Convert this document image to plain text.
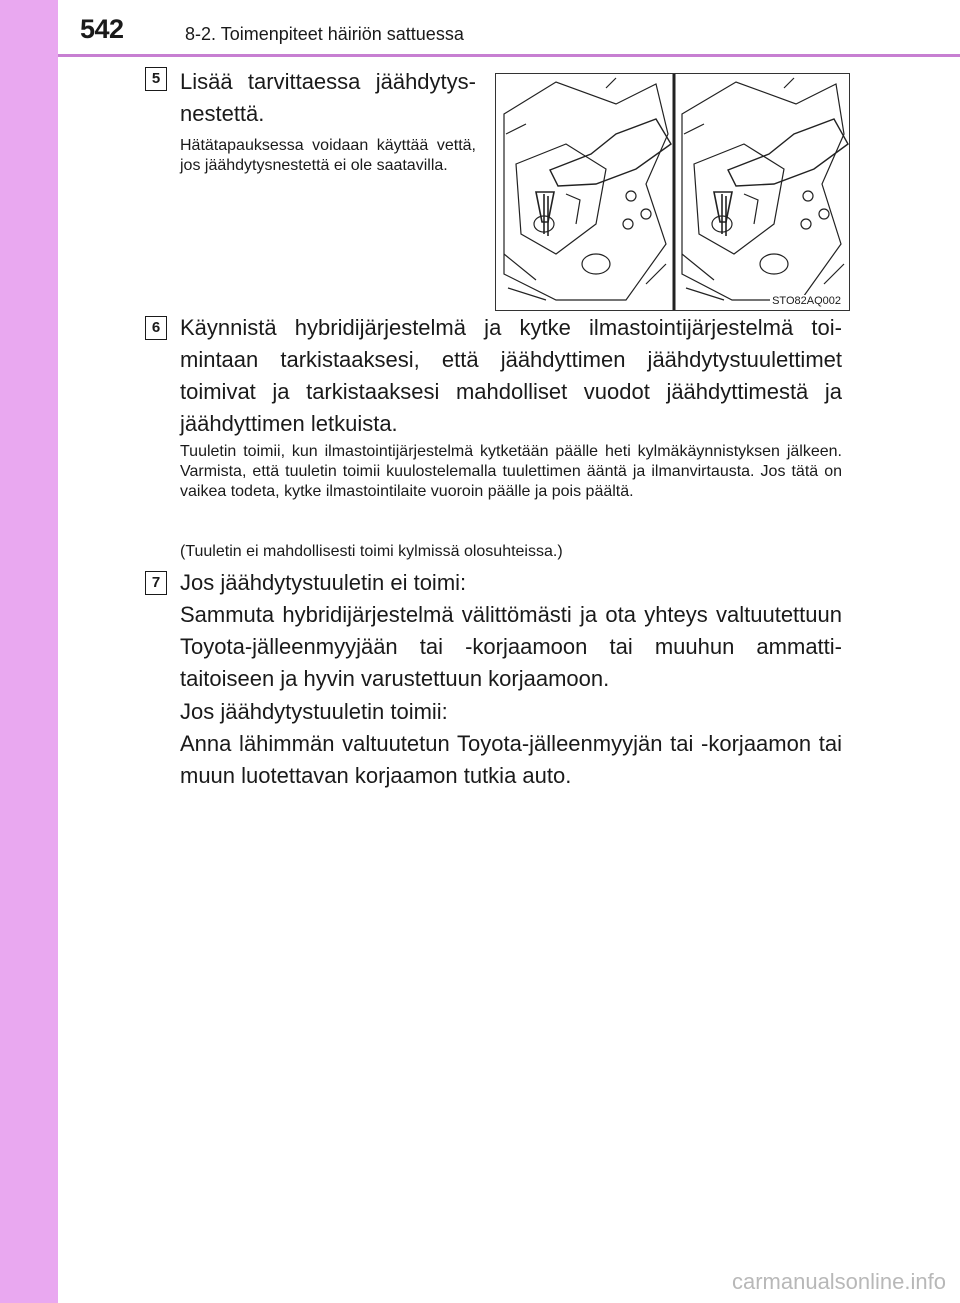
542	8-2. Toimenpiteet häiriön sattuessa
5 Lisää tarvittaessa jäähdytysnestettä.
Hätätapauksessa voidaan käyttää vettä, jos jäähdytysnestettä ei ole saatavilla.
STO82AQ002
6 Käynnistä hybridijärjestelmä ja kytke ilmastointijärjestelmä toimintaan tarkistaaksesi, että jäähdyttimen jäähdytystuulettimet toimivat ja tarkistaaksesi mahdolliset vuodot jäähdyttimestä ja jäähdyttimen letkuista.
Tuuletin toimii, kun ilmastointijärjestelmä kytketään päälle heti kylmäkäynnistyksen jälkeen. Varmista, että tuuletin toimii kuulostelemalla tuulettimen ääntä ja ilmanvirtausta. Jos tätä on vaikea todeta, kytke ilmastointilaite vuoroin päälle ja pois päältä.
(Tuuletin ei mahdollisesti toimi kylmissä olosuhteissa.)
7 Jos jäähdytystuuletin ei toimi:
Sammuta hybridijärjestelmä välittömästi ja ota yhteys valtuutettuun Toyota-jälleenmyyjään tai -korjaamoon tai muuhun ammattitaitoiseen ja hyvin varustettuun korjaamoon.
Jos jäähdytystuuletin toimii:
Anna lähimmän valtuutetun Toyota-jälleenmyyjän tai -korjaamon tai muun luotettavan korjaamon tutkia auto.
carmanualsonline.info
